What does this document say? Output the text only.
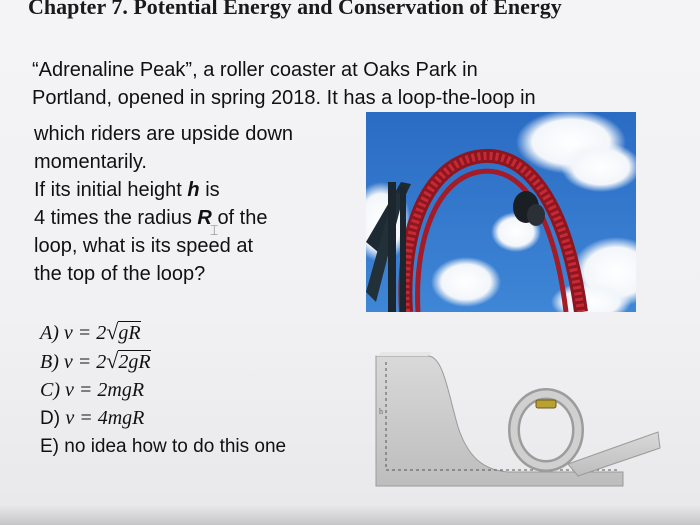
Chapter 7. Potential Energy and Conservation of Energy
“Adrenaline Peak”, a roller coaster at Oaks Park in
Portland, opened in spring 2018. It has a loop-the-loop in
which riders are upside down
momentarily.
If its initial height h is
4 times the radius R of the
loop, what is its speed at
the top of the loop?
⌶
A) v = 2√gR
B) v = 2√2gR
C) v = 2mgR
D) v = 4mgR
E) no idea how to do this one
h
